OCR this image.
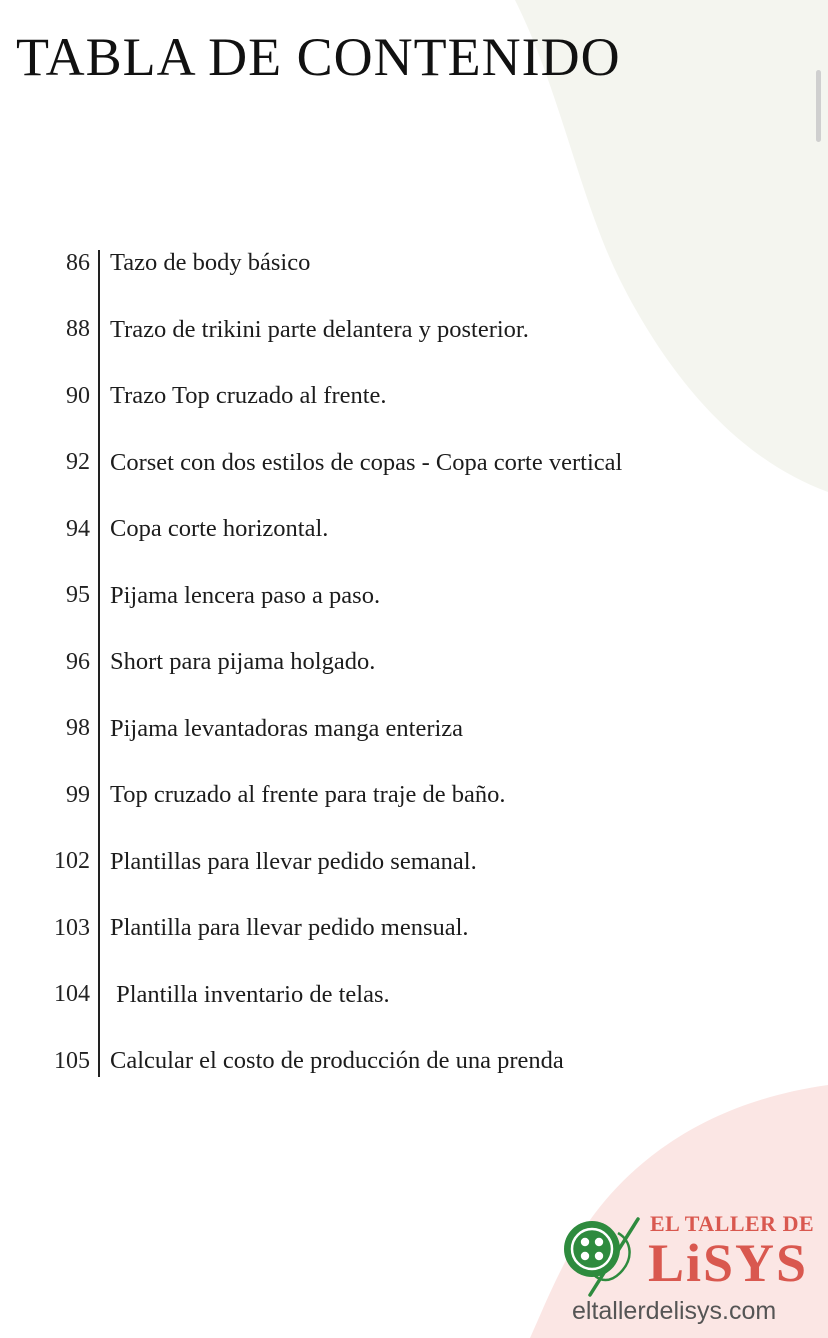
TABLA DE CONTENIDO
86 Tazo de body básico
88 Trazo de trikini parte delantera y posterior.
90 Trazo Top cruzado al frente.
92 Corset con dos estilos de copas - Copa corte vertical
94 Copa corte horizontal.
95 Pijama lencera paso a paso.
96 Short para pijama holgado.
98 Pijama levantadoras manga enteriza
99 Top cruzado al frente para traje de baño.
102 Plantillas para llevar pedido semanal.
103 Plantilla para llevar pedido mensual.
104 Plantilla inventario de telas.
105 Calcular el costo de producción de una prenda
EL TALLER DE
LiSYS
eltallerdelisys.com
